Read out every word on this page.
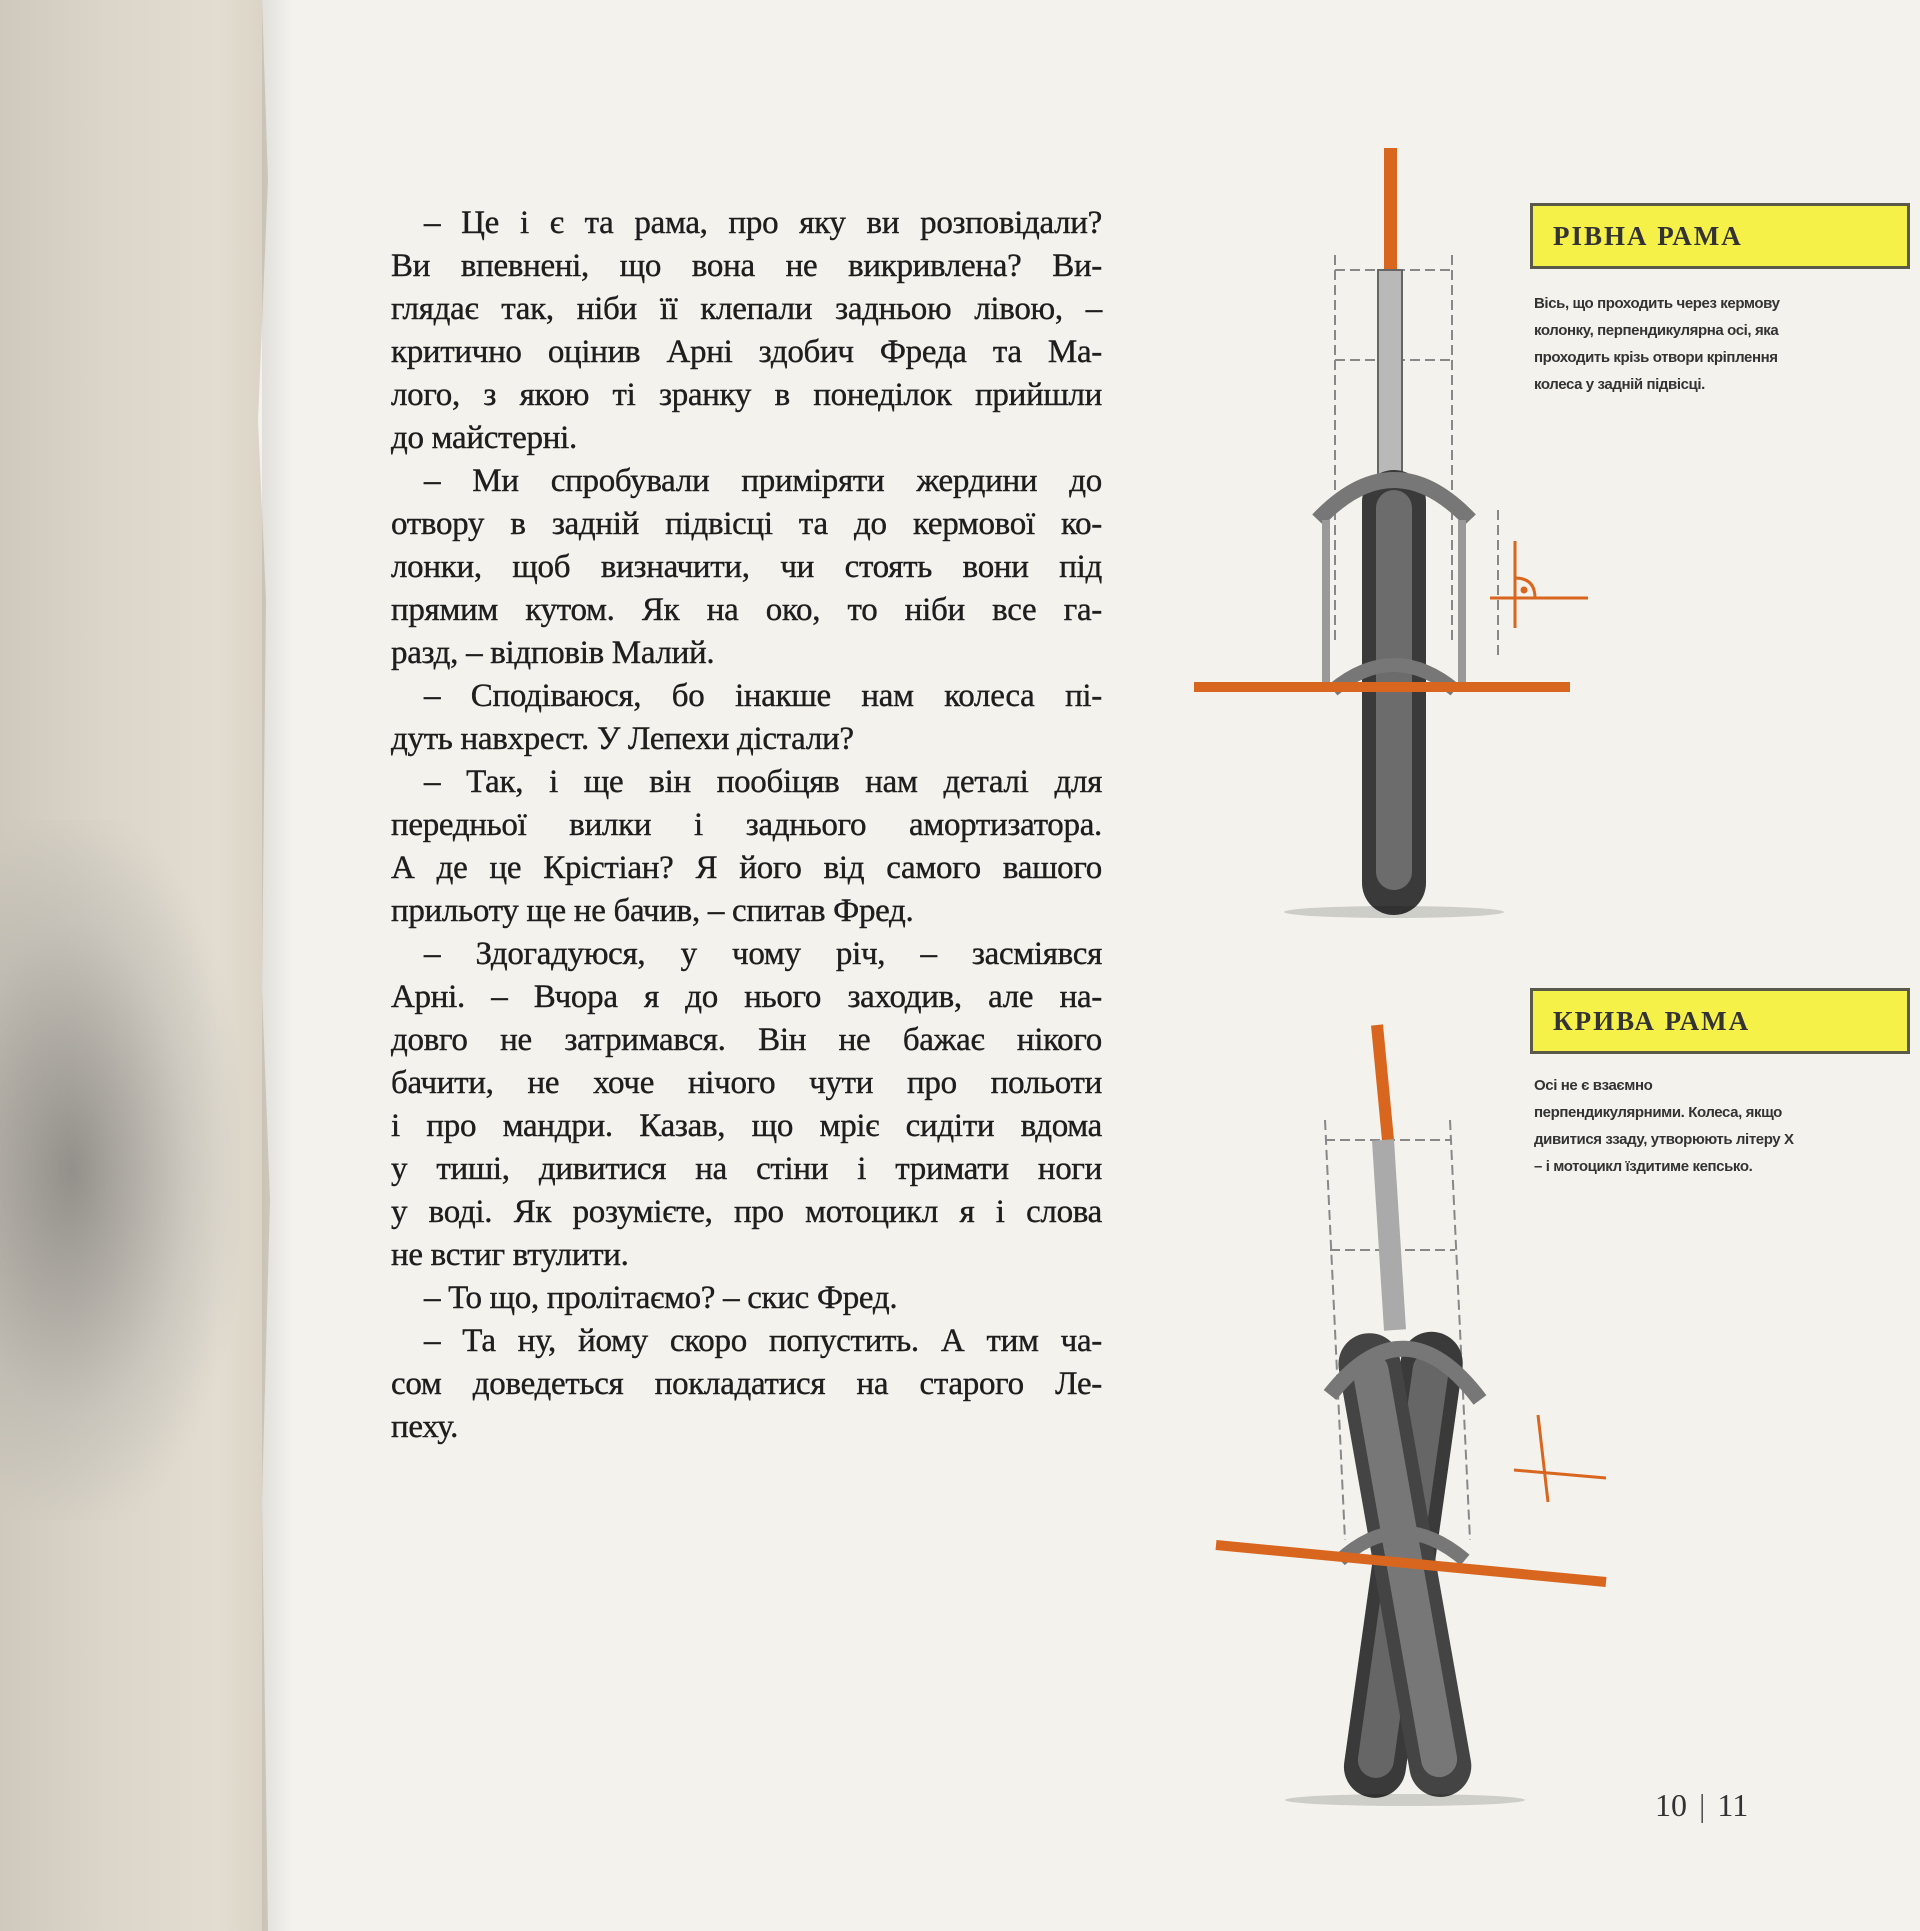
– Це і є та рама, про яку ви розповідали?
Ви впевнені, що вона не викривлена? Ви-
глядає так, ніби її клепали задньою лівою, –
критично оцінив Арні здобич Фреда та Ма-
лого, з якою ті зранку в понеділок прийшли
до майстерні.
– Ми спробували приміряти жердини до
отвору в задній підвісці та до кермової ко-
лонки, щоб визначити, чи стоять вони під
прямим кутом. Як на око, то ніби все га-
разд, – відповів Малий.
– Сподіваюся, бо інакше нам колеса пі-
дуть навхрест. У Лепехи дістали?
– Так, і ще він пообіцяв нам деталі для
передньої вилки і заднього амортизатора.
А де це Крістіан? Я його від самого вашого
прильоту ще не бачив, – спитав Фред.
– Здогадуюся, у чому річ, – засміявся
Арні. – Вчора я до нього заходив, але на-
довго не затримався. Він не бажає нікого
бачити, не хоче нічого чути про польоти
і про мандри. Казав, що мріє сидіти вдома
у тиші, дивитися на стіни і тримати ноги
у воді. Як розумієте, про мотоцикл я і слова
не встиг втулити.
– То що, пролітаємо? – скис Фред.
– Та ну, йому скоро попустить. А тим ча-
сом доведеться покладатися на старого Ле-
пеху.
РІВНА РАМА
Вісь, що проходить через кермову колонку, перпендикулярна осі, яка проходить крізь отвори кріплення колеса у задній підвісці.
КРИВА РАМА
Осі не є взаємно перпендикулярними. Колеса, якщо дивитися ззаду, утворюють літеру X – і мотоцикл їздитиме кепсько.
10 | 11
